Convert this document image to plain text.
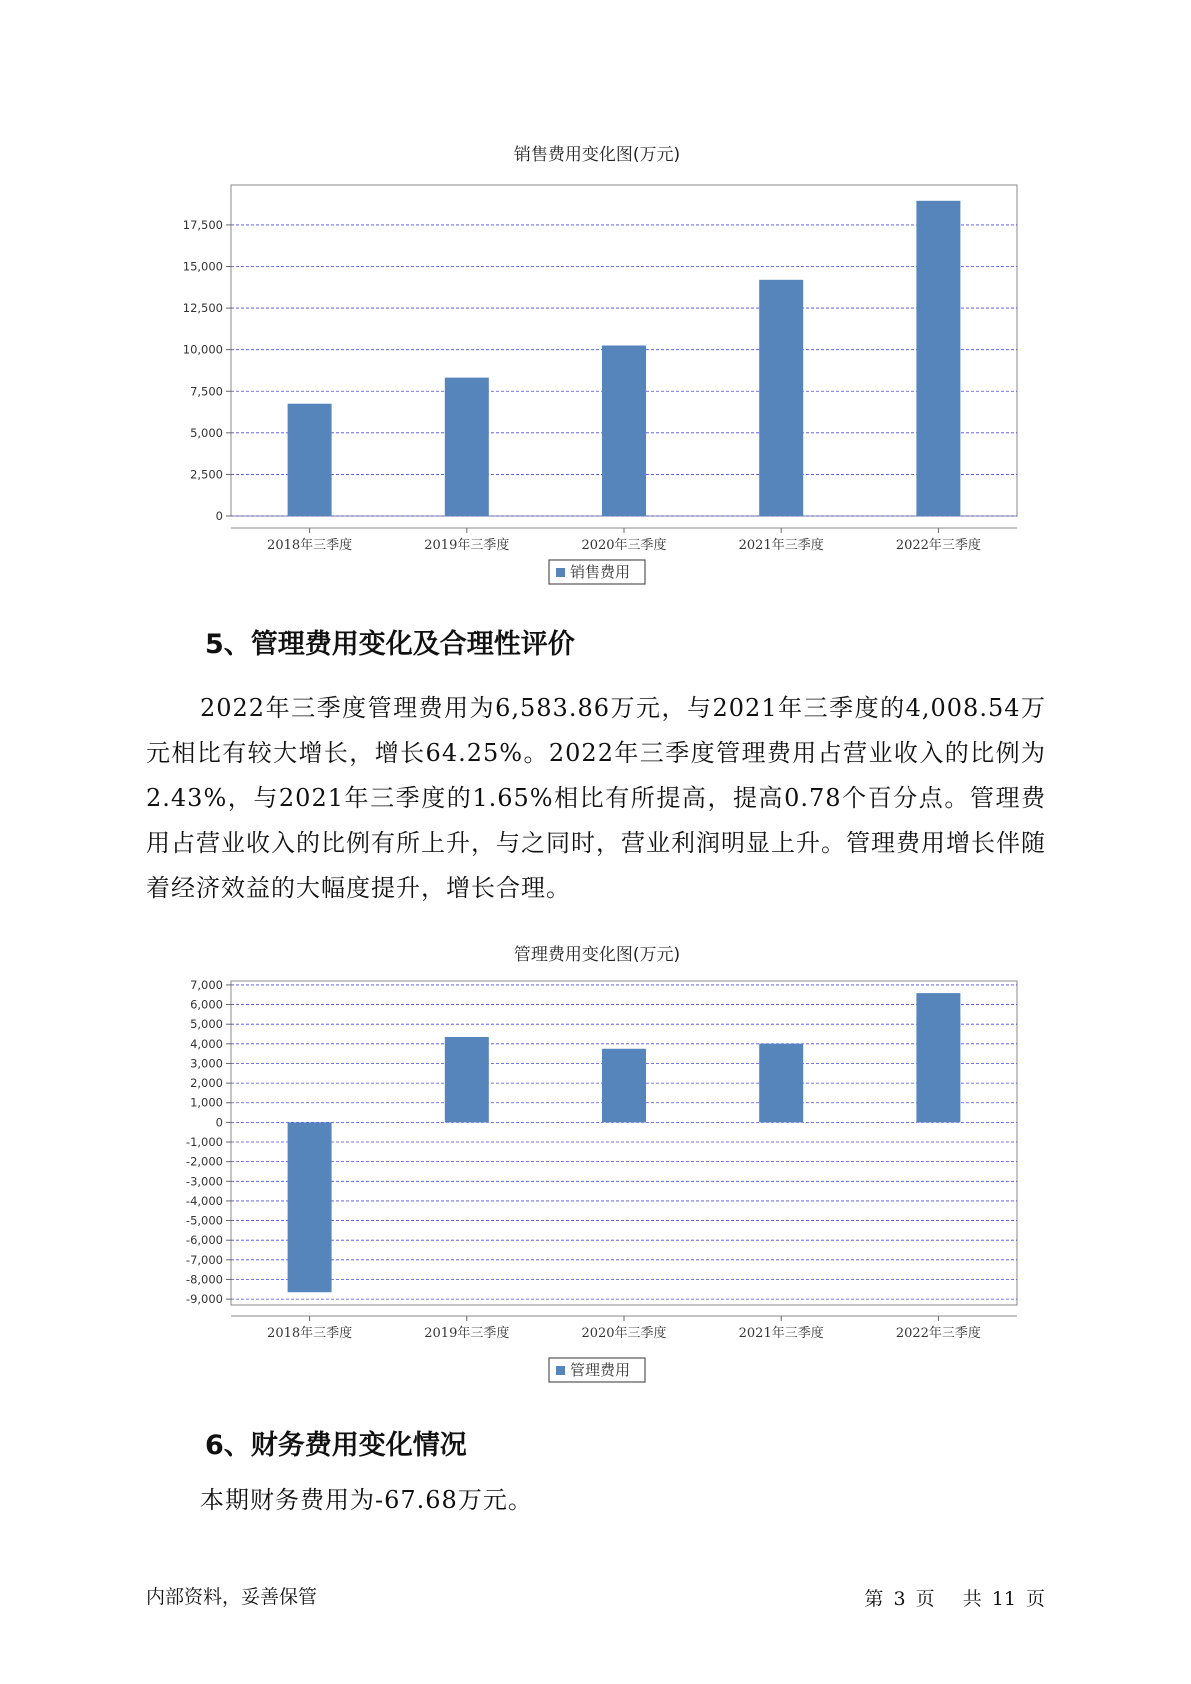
销售费用变化图(万元)
0
2,500
5,000
7,500
10,000
12,500
15,000
17,500
2018年三季度	2019年三季度	2020年三季度	2021年三季度	2022年三季度
销售费用
5、管理费用变化及合理性评价

2022年三季度管理费用为6,583.86万元，与2021年三季度的4,008.54万元相比有较大增长，增长64.25%。2022年三季度管理费用占营业收入的比例为2.43%，与2021年三季度的1.65%相比有所提高，提高0.78个百分点。管理费用占营业收入的比例有所上升，与之同时，营业利润明显上升。管理费用增长伴随着经济效益的大幅度提升，增长合理。

管理费用变化图(万元)
7,000
6,000
5,000
4,000
3,000
2,000
1,000
0
-1,000
-2,000
-3,000
-4,000
-5,000
-6,000
-7,000
-8,000
-9,000
2018年三季度	2019年三季度	2020年三季度	2021年三季度	2022年三季度
管理费用
6、财务费用变化情况

本期财务费用为-67.68万元。

内部资料，妥善保管	第 3 页 共 11 页
